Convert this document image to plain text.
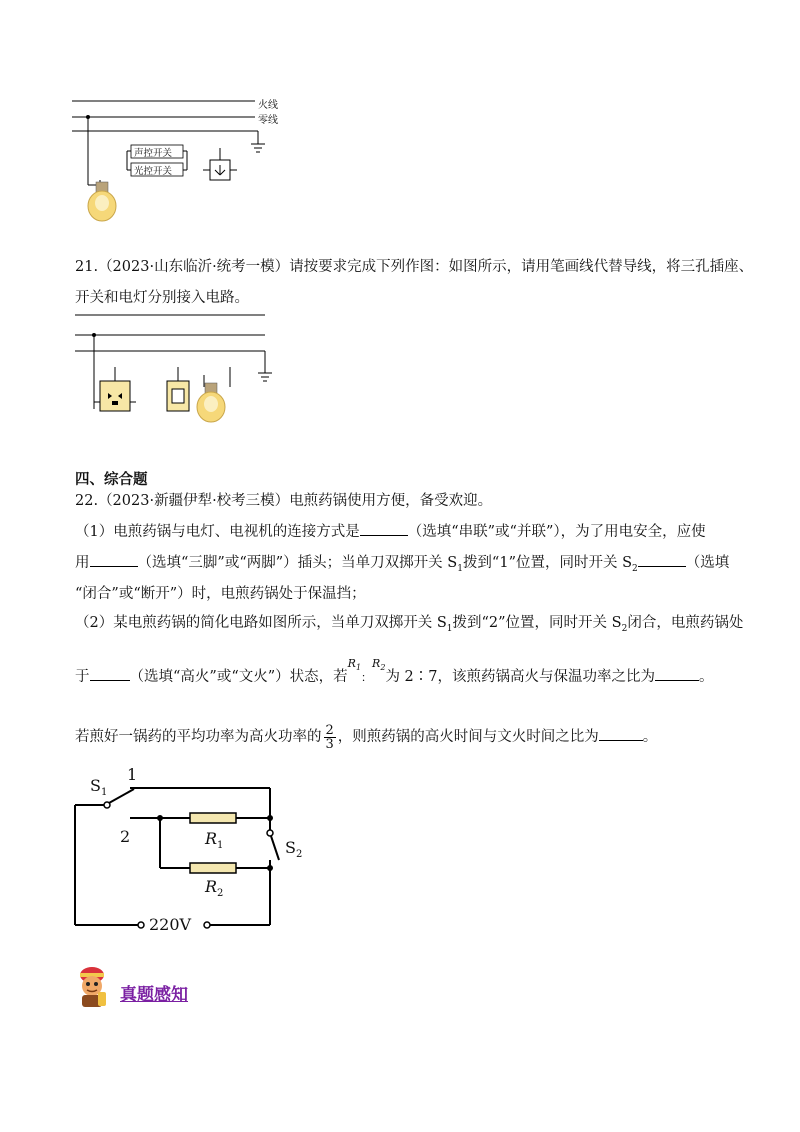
火线
零线
声控开关
光控开关
21.（2023·山东临沂·统考一模）请按要求完成下列作图：如图所示，请用笔画线代替导线，将三孔插座、
开关和电灯分别接入电路。
四、综合题
22.（2023·新疆伊犁·校考三模）电煎药锅使用方便，备受欢迎。
（1）电煎药锅与电灯、电视机的连接方式是	（选填“串联”或“并联”），为了用电安全，应使
用	（选填“三脚”或“两脚”）插头；当单刀双掷开关 $S_1$拨到“1”位置，同时开关 $S_2$	（选填
“闭合”或“断开”）时，电煎药锅处于保温挡；
（2）某电煎药锅的简化电路如图所示，当单刀双掷开关 $S_1$拨到“2”位置，同时开关 $S_2$闭合，电煎药锅处
于	（选填“高火”或“文火”）状态，若$^{R_1}$：$^{R_2}$为 2∶7，该煎药锅高火与保温功率之比为	。
若煎好一锅药的平均功率为高火功率的 $\frac{2}{3}$ ，则煎药锅的高火时间与文火时间之比为	。
$S_1$
1
2	$R_1$
$R_2$
$S_2$
220V
真题感知
